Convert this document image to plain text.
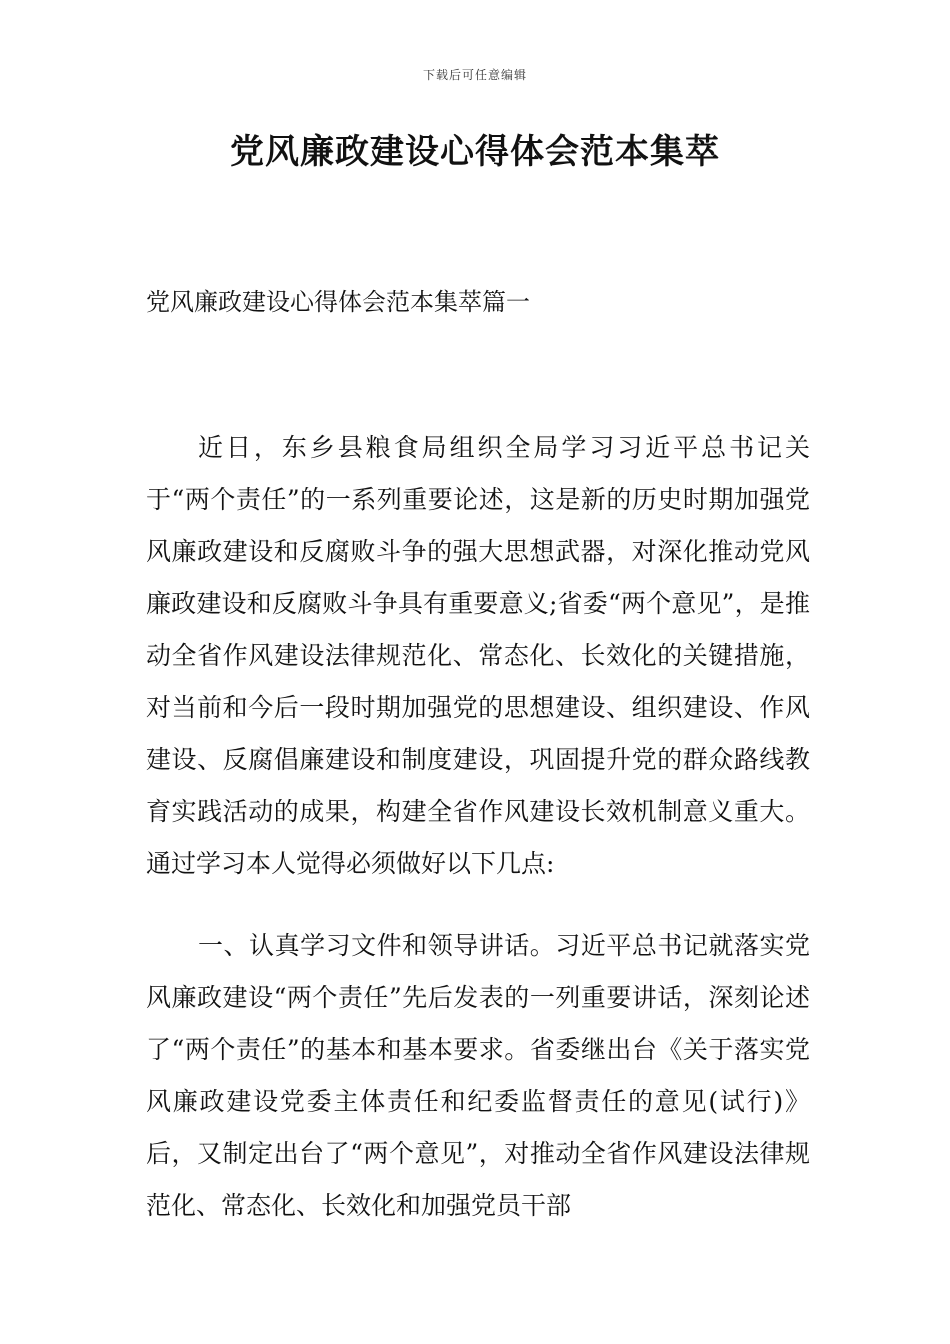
下载后可任意编辑
党风廉政建设心得体会范本集萃
党风廉政建设心得体会范本集萃篇一

近日，东乡县粮食局组织全局学习习近平总书记关于“两个责任”的一系列重要论述，这是新的历史时期加强党风廉政建设和反腐败斗争的强大思想武器，对深化推动党风廉政建设和反腐败斗争具有重要意义;省委“两个意见”，是推动全省作风建设法律规范化、常态化、长效化的关键措施，对当前和今后一段时期加强党的思想建设、组织建设、作风建设、反腐倡廉建设和制度建设，巩固提升党的群众路线教育实践活动的成果，构建全省作风建设长效机制意义重大。通过学习本人觉得必须做好以下几点:

一、认真学习文件和领导讲话。习近平总书记就落实党风廉政建设“两个责任”先后发表的一列重要讲话，深刻论述了“两个责任”的基本和基本要求。省委继出台《关于落实党风廉政建设党委主体责任和纪委监督责任的意见(试行)》后，又制定出台了“两个意见”，对推动全省作风建设法律规范化、常态化、长效化和加强党员干部
